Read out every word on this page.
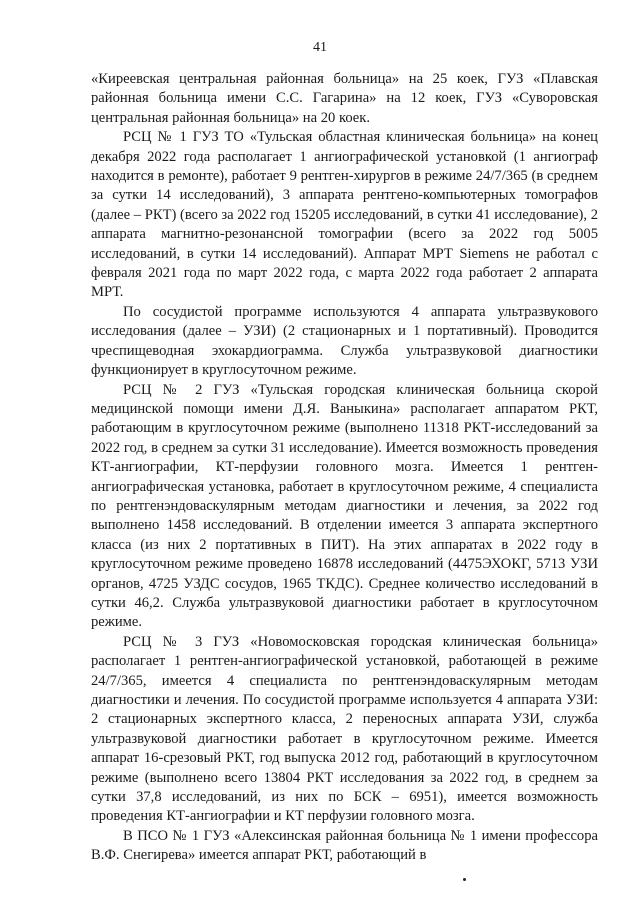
41

«Киреевская центральная районная больница» на 25 коек, ГУЗ «Плавская районная больница имени С.С. Гагарина» на 12 коек, ГУЗ «Суворовская центральная районная больница» на 20 коек.

РСЦ № 1 ГУЗ ТО «Тульская областная клиническая больница» на конец декабря 2022 года располагает 1 ангиографической установкой (1 ангиограф находится в ремонте), работает 9 рентген-хирургов в режиме 24/7/365 (в среднем за сутки 14 исследований), 3 аппарата рентгено-компьютерных томографов (далее – РКТ) (всего за 2022 год 15205 исследований, в сутки 41 исследование), 2 аппарата магнитно-резонансной томографии (всего за 2022 год 5005 исследований, в сутки 14 исследований). Аппарат МРТ Siemens не работал с февраля 2021 года по март 2022 года, с марта 2022 года работает 2 аппарата МРТ.

По сосудистой программе используются 4 аппарата ультразвукового исследования (далее – УЗИ) (2 стационарных и 1 портативный). Проводится чреспищеводная эхокардиограмма. Служба ультразвуковой диагностики функционирует в круглосуточном режиме.

РСЦ № 2 ГУЗ «Тульская городская клиническая больница скорой медицинской помощи имени Д.Я. Ваныкина» располагает аппаратом РКТ, работающим в круглосуточном режиме (выполнено 11318 РКТ-исследований за 2022 год, в среднем за сутки 31 исследование). Имеется возможность проведения КТ-ангиографии, КТ-перфузии головного мозга. Имеется 1 рентген-ангиографическая установка, работает в круглосуточном режиме, 4 специалиста по рентгенэндоваскулярным методам диагностики и лечения, за 2022 год выполнено 1458 исследований. В отделении имеется 3 аппарата экспертного класса (из них 2 портативных в ПИТ). На этих аппаратах в 2022 году в круглосуточном режиме проведено 16878 исследований (4475ЭХОКГ, 5713 УЗИ органов, 4725 УЗДС сосудов, 1965 ТКДС). Среднее количество исследований в сутки 46,2. Служба ультразвуковой диагностики работает в круглосуточном режиме.

РСЦ № 3 ГУЗ «Новомосковская городская клиническая больница» располагает 1 рентген-ангиографической установкой, работающей в режиме 24/7/365, имеется 4 специалиста по рентгенэндоваскулярным методам диагностики и лечения. По сосудистой программе используется 4 аппарата УЗИ: 2 стационарных экспертного класса, 2 переносных аппарата УЗИ, служба ультразвуковой диагностики работает в круглосуточном режиме. Имеется аппарат 16-срезовый РКТ, год выпуска 2012 год, работающий в круглосуточном режиме (выполнено всего 13804 РКТ исследования за 2022 год, в среднем за сутки 37,8 исследований, из них по БСК – 6951), имеется возможность проведения КТ-ангиографии и КТ перфузии головного мозга.

В ПСО № 1 ГУЗ «Алексинская районная больница № 1 имени профессора В.Ф. Снегирева» имеется аппарат РКТ, работающий в
